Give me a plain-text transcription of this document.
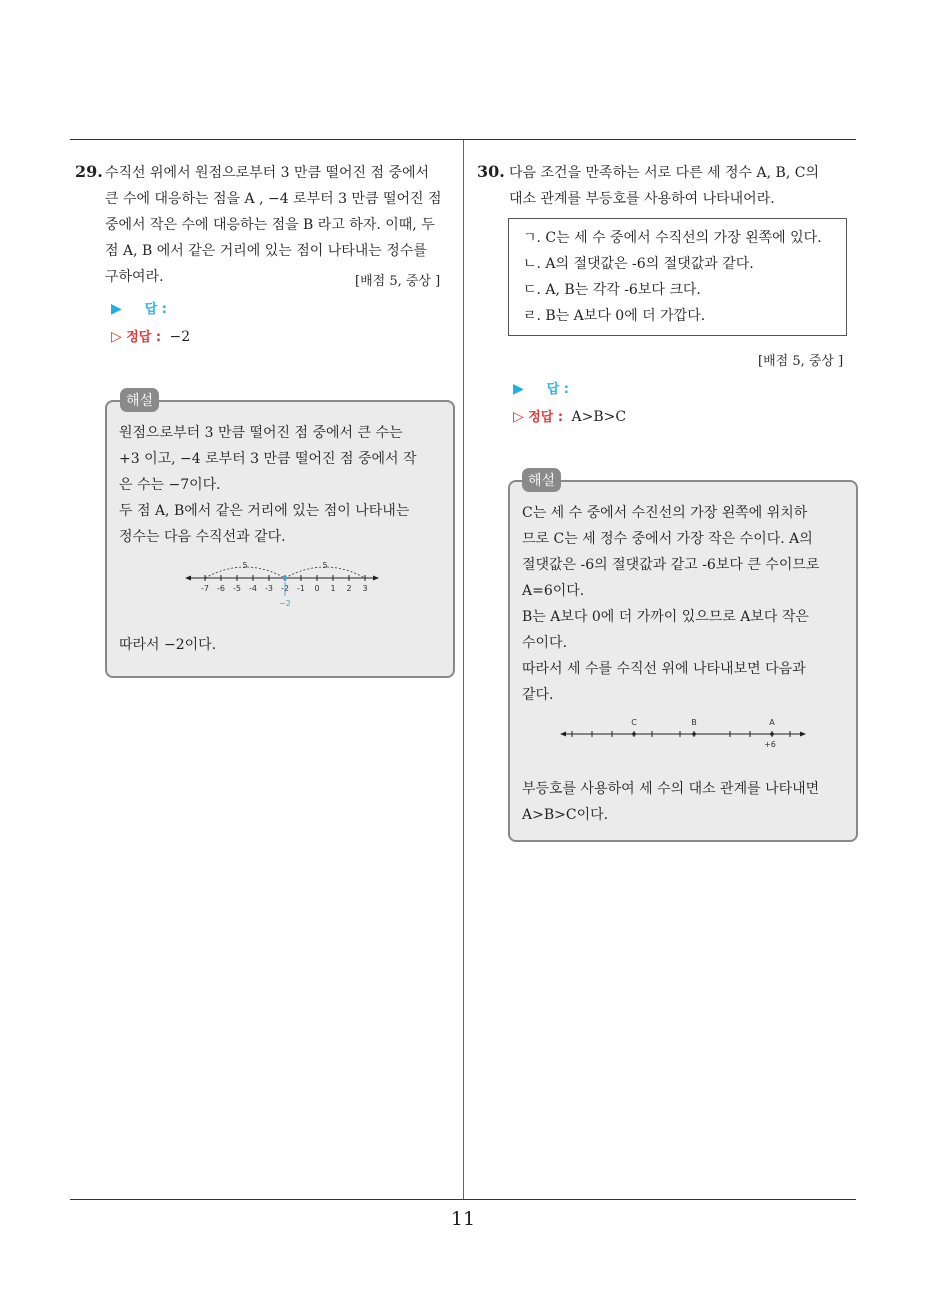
11
29. 수직선 위에서 원점으로부터 3 만큼 떨어진 점 중에서
큰 수에 대응하는 점을 A , −4 로부터 3 만큼 떨어진 점
중에서 작은 수에 대응하는 점을 B 라고 하자. 이때, 두
점 A, B 에서 같은 거리에 있는 점이 나타내는 정수를
구하여라.	[배점 5, 중상 ]
▶ 답 :
▷ 정답 : −2
원점으로부터 3 만큼 떨어진 점 중에서 큰 수는
+3 이고, −4 로부터 3 만큼 떨어진 점 중에서 작
은 수는 −7이다.
두 점 A, B에서 같은 거리에 있는 점이 나타내는
정수는 다음 수직선과 같다.
-7 -6 -5 -4 -3 -2 -1 0 1 2 3
5	5
−2
따라서 −2이다.
해설
30. 다음 조건을 만족하는 서로 다른 세 정수 A, B, C의
대소 관계를 부등호를 사용하여 나타내어라.
ㄱ. C는 세 수 중에서 수직선의 가장 왼쪽에 있다.
ㄴ. A의 절댓값은 -6의 절댓값과 같다.
ㄷ. A, B는 각각 -6보다 크다.
ㄹ. B는 A보다 0에 더 가깝다.
[배점 5, 중상 ]
▶ 답 :
▷ 정답 : A>B>C
C는 세 수 중에서 수진선의 가장 왼쪽에 위치하
므로 C는 세 정수 중에서 가장 작은 수이다. A의
절댓값은 -6의 절댓값과 같고 -6보다 큰 수이므로
A=6이다.
B는 A보다 0에 더 가까이 있으므로 A보다 작은
수이다.
따라서 세 수를 수직선 위에 나타내보면 다음과
같다.
C	B	A
+6
부등호를 사용하여 세 수의 대소 관계를 나타내면
A>B>C이다.
해설
